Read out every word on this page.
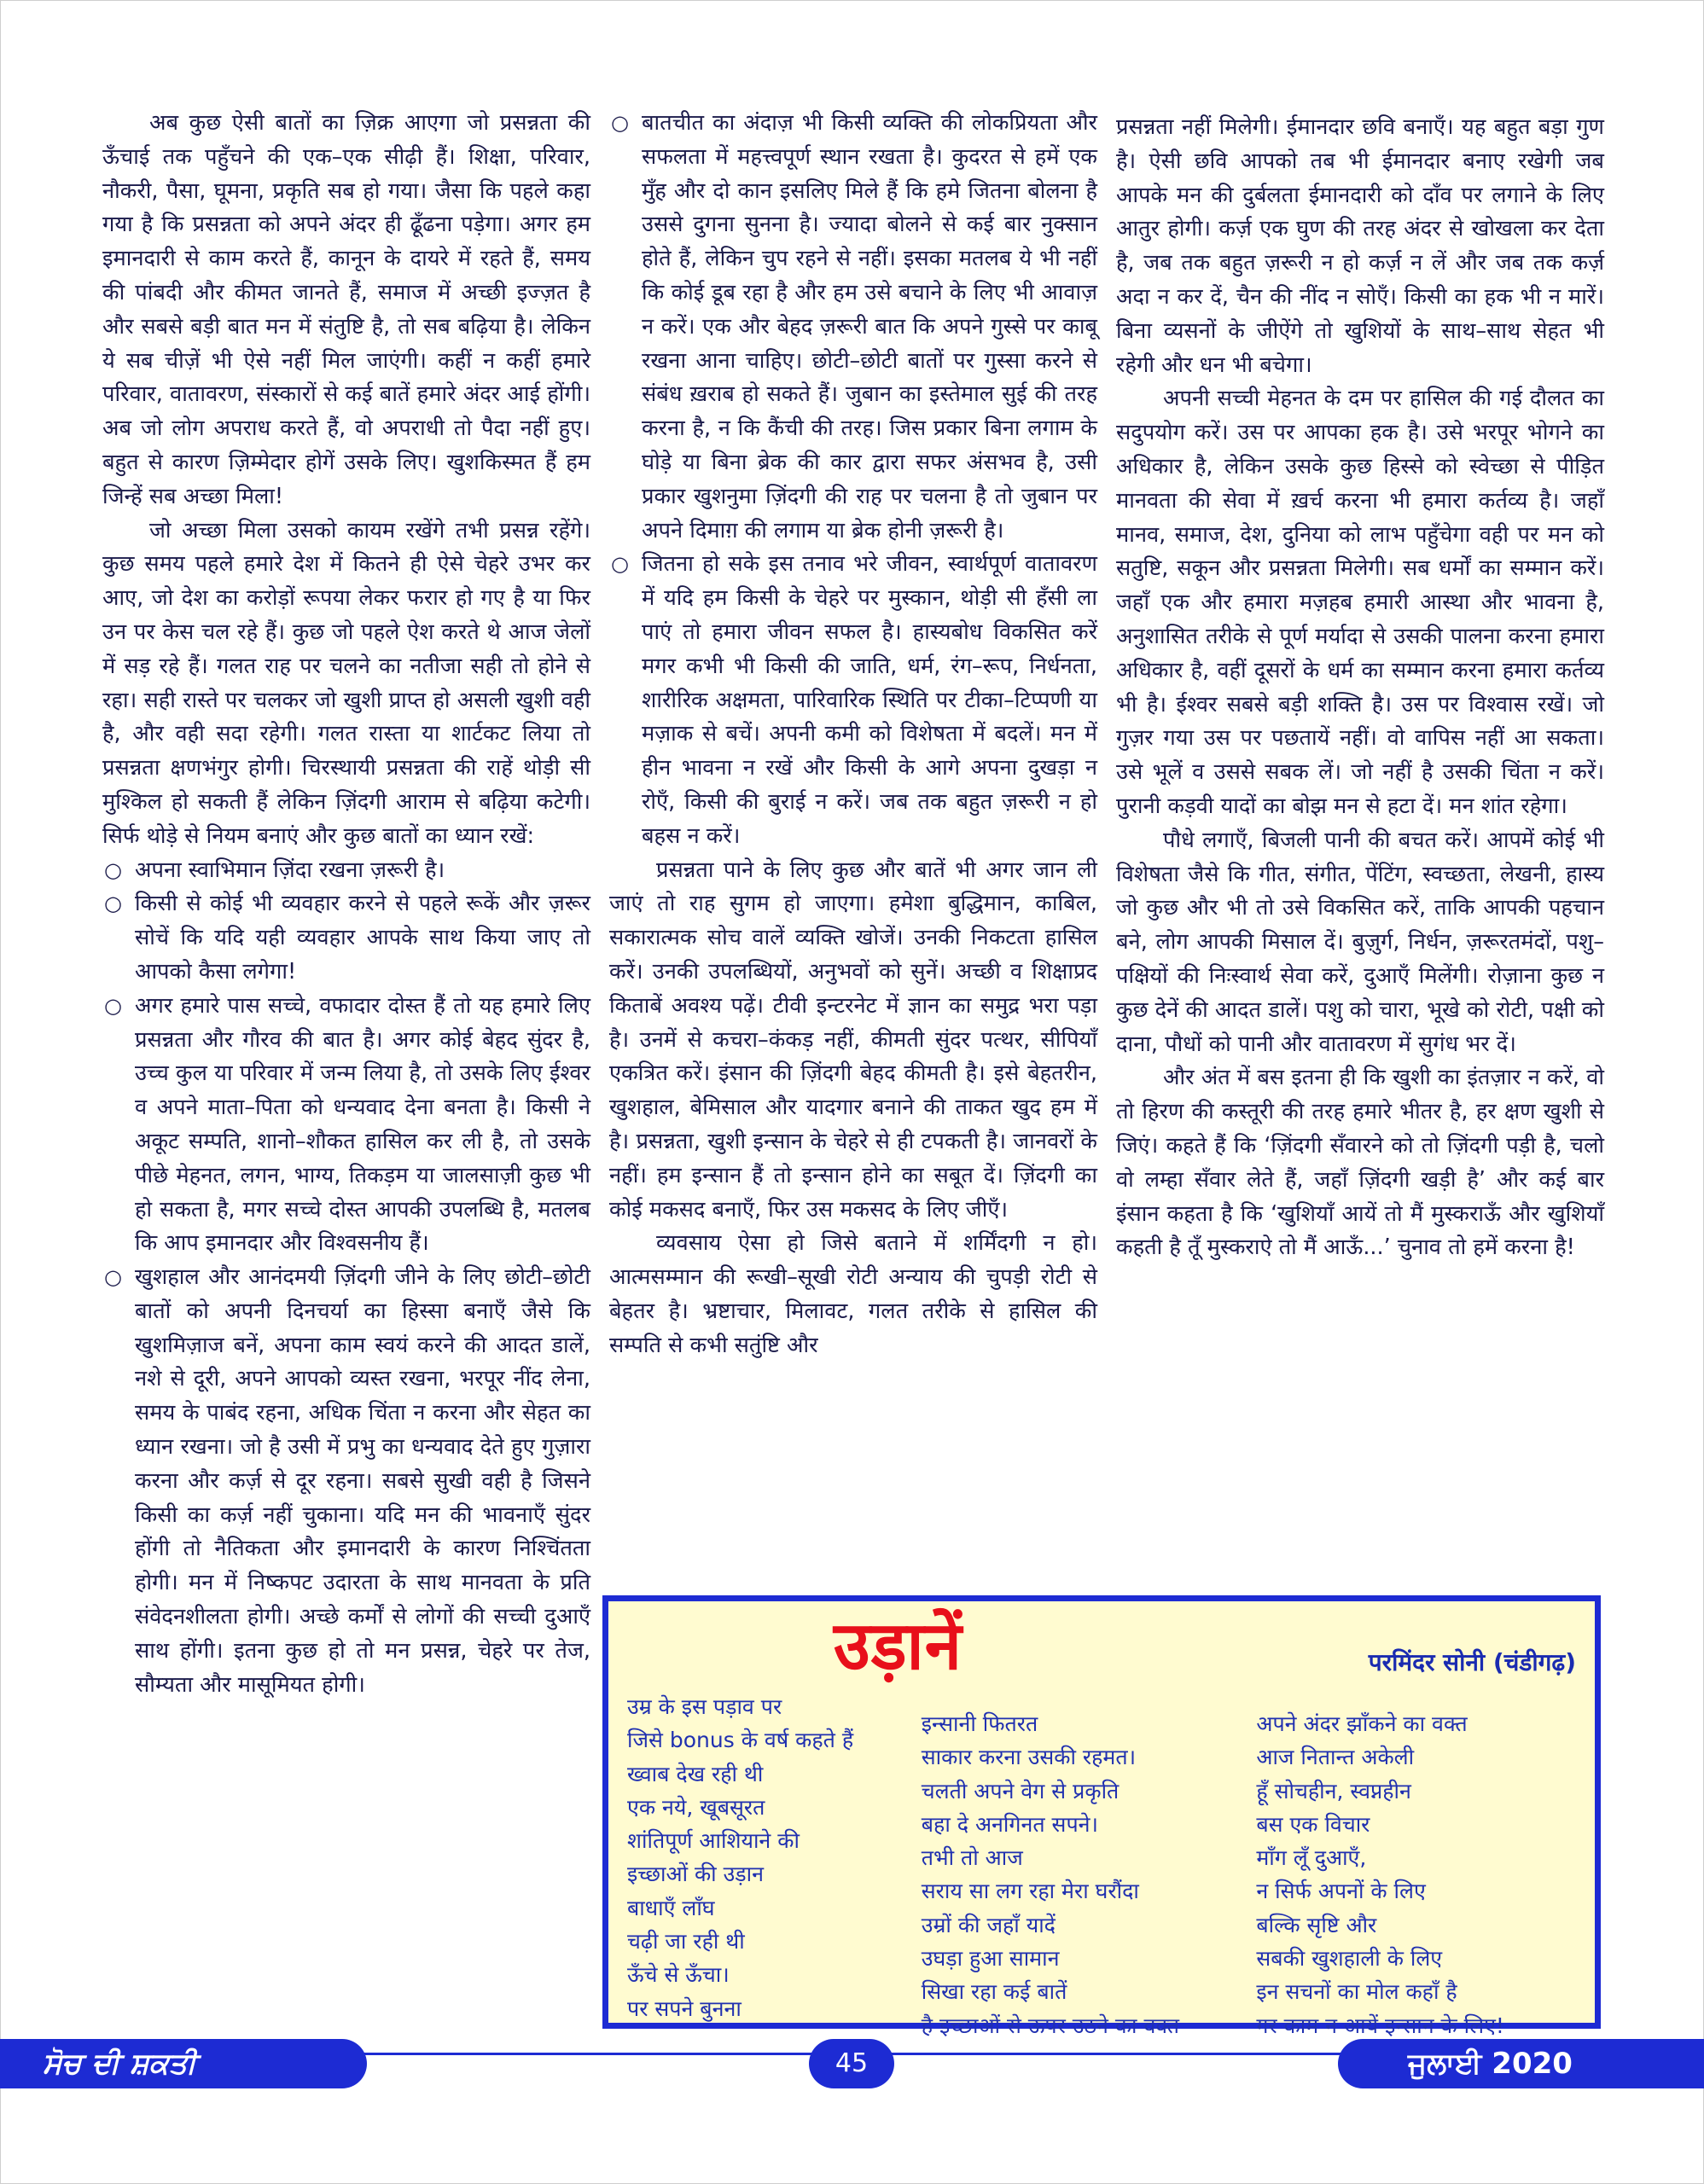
अब कुछ ऐसी बातों का ज़िक्र आएगा जो प्रसन्नता की ऊँचाई तक पहुँचने की एक–एक सीढ़ी हैं। शिक्षा, परिवार, नौकरी, पैसा, घूमना, प्रकृति सब हो गया। जैसा कि पहले कहा गया है कि प्रसन्नता को अपने अंदर ही ढूँढना पड़ेगा। अगर हम इमानदारी से काम करते हैं, कानून के दायरे में रहते हैं, समय की पांबदी और कीमत जानते हैं, समाज में अच्छी इज्ज़त है और सबसे बड़ी बात मन में संतुष्टि है, तो सब बढ़िया है। लेकिन ये सब चीज़ें भी ऐसे नहीं मिल जाएंगी। कहीं न कहीं हमारे परिवार, वातावरण, संस्कारों से कई बातें हमारे अंदर आई होंगी। अब जो लोग अपराध करते हैं, वो अपराधी तो पैदा नहीं हुए। बहुत से कारण ज़िम्मेदार होगें उसके लिए। खुशकिस्मत हैं हम जिन्हें सब अच्छा मिला!

जो अच्छा मिला उसको कायम रखेंगे तभी प्रसन्न रहेंगे। कुछ समय पहले हमारे देश में कितने ही ऐसे चेहरे उभर कर आए, जो देश का करोड़ों रूपया लेकर फरार हो गए है या फिर उन पर केस चल रहे हैं। कुछ जो पहले ऐश करते थे आज जेलों में सड़ रहे हैं। गलत राह पर चलने का नतीजा सही तो होने से रहा। सही रास्ते पर चलकर जो खुशी प्राप्त हो असली खुशी वही है, और वही सदा रहेगी। गलत रास्ता या शार्टकट लिया तो प्रसन्नता क्षणभंगुर होगी। चिरस्थायी प्रसन्नता की राहें थोड़ी सी मुश्किल हो सकती हैं लेकिन ज़िंदगी आराम से बढ़िया कटेगी। सिर्फ थोड़े से नियम बनाएं और कुछ बातों का ध्यान रखें:

○ अपना स्वाभिमान ज़िंदा रखना ज़रूरी है।
○ किसी से कोई भी व्यवहार करने से पहले रूकें और ज़रूर सोचें कि यदि यही व्यवहार आपके साथ किया जाए तो आपको कैसा लगेगा!
○ अगर हमारे पास सच्चे, वफादार दोस्त हैं तो यह हमारे लिए प्रसन्नता और गौरव की बात है। अगर कोई बेहद सुंदर है, उच्च कुल या परिवार में जन्म लिया है, तो उसके लिए ईश्वर व अपने माता–पिता को धन्यवाद देना बनता है। किसी ने अकूट सम्पति, शानो–शौकत हासिल कर ली है, तो उसके पीछे मेहनत, लगन, भाग्य, तिकड़म या जालसाज़ी कुछ भी हो सकता है, मगर सच्चे दोस्त आपकी उपलब्धि है, मतलब कि आप इमानदार और विश्वसनीय हैं।
○ खुशहाल और आनंदमयी ज़िंदगी जीने के लिए छोटी–छोटी बातों को अपनी दिनचर्या का हिस्सा बनाएँ जैसे कि खुशमिज़ाज बनें, अपना काम स्वयं करने की आदत डालें, नशे से दूरी, अपने आपको व्यस्त रखना, भरपूर नींद लेना, समय के पाबंद रहना, अधिक चिंता न करना और सेहत का ध्यान रखना। जो है उसी में प्रभु का धन्यवाद देते हुए गुज़ारा करना और कर्ज़ से दूर रहना। सबसे सुखी वही है जिसने किसी का कर्ज़ नहीं चुकाना। यदि मन की भावनाएँ सुंदर होंगी तो नैतिकता और इमानदारी के कारण निश्चिंतता होगी। मन में निष्कपट उदारता के साथ मानवता के प्रति संवेदनशीलता होगी। अच्छे कर्मों से लोगों की सच्ची दुआएँ साथ होंगी। इतना कुछ हो तो मन प्रसन्न, चेहरे पर तेज, सौम्यता और मासूमियत होगी।
○ बातचीत का अंदाज़ भी किसी व्यक्ति की लोकप्रियता और सफलता में महत्त्वपूर्ण स्थान रखता है। कुदरत से हमें एक मुँह और दो कान इसलिए मिले हैं कि हमे जितना बोलना है उससे दुगना सुनना है। ज्यादा बोलने से कई बार नुक्सान होते हैं, लेकिन चुप रहने से नहीं। इसका मतलब ये भी नहीं कि कोई डूब रहा है और हम उसे बचाने के लिए भी आवाज़ न करें। एक और बेहद ज़रूरी बात कि अपने गुस्से पर काबू रखना आना चाहिए। छोटी–छोटी बातों पर गुस्सा करने से संबंध ख़राब हो सकते हैं। जुबान का इस्तेमाल सुई की तरह करना है, न कि कैंची की तरह। जिस प्रकार बिना लगाम के घोड़े या बिना ब्रेक की कार द्वारा सफर अंसभव है, उसी प्रकार खुशनुमा ज़िंदगी की राह पर चलना है तो जुबान पर अपने दिमाग़ की लगाम या ब्रेक होनी ज़रूरी है।
○ जितना हो सके इस तनाव भरे जीवन, स्वार्थपूर्ण वातावरण में यदि हम किसी के चेहरे पर मुस्कान, थोड़ी सी हँसी ला पाएं तो हमारा जीवन सफल है। हास्यबोध विकसित करें मगर कभी भी किसी की जाति, धर्म, रंग–रूप, निर्धनता, शारीरिक अक्षमता, पारिवारिक स्थिति पर टीका–टिप्पणी या मज़ाक से बचें। अपनी कमी को विशेषता में बदलें। मन में हीन भावना न रखें और किसी के आगे अपना दुखड़ा न रोएँ, किसी की बुराई न करें। जब तक बहुत ज़रूरी न हो बहस न करें।

प्रसन्नता पाने के लिए कुछ और बातें भी अगर जान ली जाएं तो राह सुगम हो जाएगा। हमेशा बुद्धिमान, काबिल, सकारात्मक सोच वालें व्यक्ति खोजें। उनकी निकटता हासिल करें। उनकी उपलब्धियों, अनुभवों को सुनें। अच्छी व शिक्षाप्रद किताबें अवश्य पढ़ें। टीवी इन्टरनेट में ज्ञान का समुद्र भरा पड़ा है। उनमें से कचरा–कंकड़ नहीं, कीमती सुंदर पत्थर, सीपियाँ एकत्रित करें। इंसान की ज़िंदगी बेहद कीमती है। इसे बेहतरीन, खुशहाल, बेमिसाल और यादगार बनाने की ताकत खुद हम में है। प्रसन्नता, खुशी इन्सान के चेहरे से ही टपकती है। जानवरों के नहीं। हम इन्सान हैं तो इन्सान होने का सबूत दें। ज़िंदगी का कोई मकसद बनाएँ, फिर उस मकसद के लिए जीएँ।

व्यवसाय ऐसा हो जिसे बताने में शर्मिंदगी न हो। आत्मसम्मान की रूखी–सूखी रोटी अन्याय की चुपड़ी रोटी से बेहतर है। भ्रष्टाचार, मिलावट, गलत तरीके से हासिल की सम्पति से कभी सतुंष्टि और

प्रसन्नता नहीं मिलेगी। ईमानदार छवि बनाएँ। यह बहुत बड़ा गुण है। ऐसी छवि आपको तब भी ईमानदार बनाए रखेगी जब आपके मन की दुर्बलता ईमानदारी को दाँव पर लगाने के लिए आतुर होगी। कर्ज़ एक घुण की तरह अंदर से खोखला कर देता है, जब तक बहुत ज़रूरी न हो कर्ज़ न लें और जब तक कर्ज़ अदा न कर दें, चैन की नींद न सोएँ। किसी का हक भी न मारें। बिना व्यसनों के जीऐंगे तो खुशियों के साथ–साथ सेहत भी रहेगी और धन भी बचेगा।

अपनी सच्ची मेहनत के दम पर हासिल की गई दौलत का सदुपयोग करें। उस पर आपका हक है। उसे भरपूर भोगने का अधिकार है, लेकिन उसके कुछ हिस्से को स्वेच्छा से पीड़ित मानवता की सेवा में ख़र्च करना भी हमारा कर्तव्य है। जहाँ मानव, समाज, देश, दुनिया को लाभ पहुँचेगा वही पर मन को सतुष्टि, सकून और प्रसन्नता मिलेगी। सब धर्मों का सम्मान करें। जहाँ एक और हमारा मज़हब हमारी आस्था और भावना है, अनुशासित तरीके से पूर्ण मर्यादा से उसकी पालना करना हमारा अधिकार है, वहीं दूसरों के धर्म का सम्मान करना हमारा कर्तव्य भी है। ईश्वर सबसे बड़ी शक्ति है। उस पर विश्वास रखें। जो गुज़र गया उस पर पछतायें नहीं। वो वापिस नहीं आ सकता। उसे भूलें व उससे सबक लें। जो नहीं है उसकी चिंता न करें। पुरानी कड़वी यादों का बोझ मन से हटा दें। मन शांत रहेगा।

पौधे लगाएँ, बिजली पानी की बचत करें। आपमें कोई भी विशेषता जैसे कि गीत, संगीत, पेंटिंग, स्वच्छता, लेखनी, हास्य जो कुछ और भी तो उसे विकसित करें, ताकि आपकी पहचान बने, लोग आपकी मिसाल दें। बुज़ुर्ग, निर्धन, ज़रूरतमंदों, पशु–पक्षियों की निःस्वार्थ सेवा करें, दुआएँ मिलेंगी। रोज़ाना कुछ न कुछ देनें की आदत डालें। पशु को चारा, भूखे को रोटी, पक्षी को दाना, पौधों को पानी और वातावरण में सुगंध भर दें।

और अंत में बस इतना ही कि खुशी का इंतज़ार न करें, वो तो हिरण की कस्तूरी की तरह हमारे भीतर है, हर क्षण खुशी से जिएं। कहते हैं कि ‘ज़िंदगी सँवारने को तो ज़िंदगी पड़ी है, चलो वो लम्हा सँवार लेते हैं, जहाँ ज़िंदगी खड़ी है’ और कई बार इंसान कहता है कि ‘खुशियाँ आयें तो मैं मुस्कराऊँ और खुशियाँ कहती है तूँ मुस्कराऐ तो मैं आऊँ...’ चुनाव तो हमें करना है!

उड़ानें	परमिंदर सोनी (चंडीगढ़)
उम्र के इस पड़ाव पर
जिसे bonus के वर्ष कहते हैं
ख्वाब देख रही थी
एक नये, खूबसूरत
शांतिपूर्ण आशियाने की
इच्छाओं की उड़ान
बाधाएँ लाँघ
चढ़ी जा रही थी
ऊँचे से ऊँचा।
पर सपने बुनना
इन्सानी फितरत
साकार करना उसकी रहमत।
चलती अपने वेग से प्रकृति
बहा दे अनगिनत सपने।
तभी तो आज
सराय सा लग रहा मेरा घरौंदा
उम्रों की जहाँ यादें
उघड़ा हुआ सामान
सिखा रहा कई बातें
है इच्छाओं से ऊपर उठने का वक्त
अपने अंदर झाँकने का वक्त
आज नितान्त अकेली
हूँ सोचहीन, स्वप्नहीन
बस एक विचार
माँग लूँ दुआएँ,
न सिर्फ अपनों के लिए
बल्कि सृष्टि और
सबकी खुशहाली के लिए
इन सचनों का मोल कहाँ है
गर काम न आयें इन्सान के लिए!
ਸੋਚ ਦੀ ਸ਼ਕਤੀ	45	ਜੁਲਾਈ 2020
